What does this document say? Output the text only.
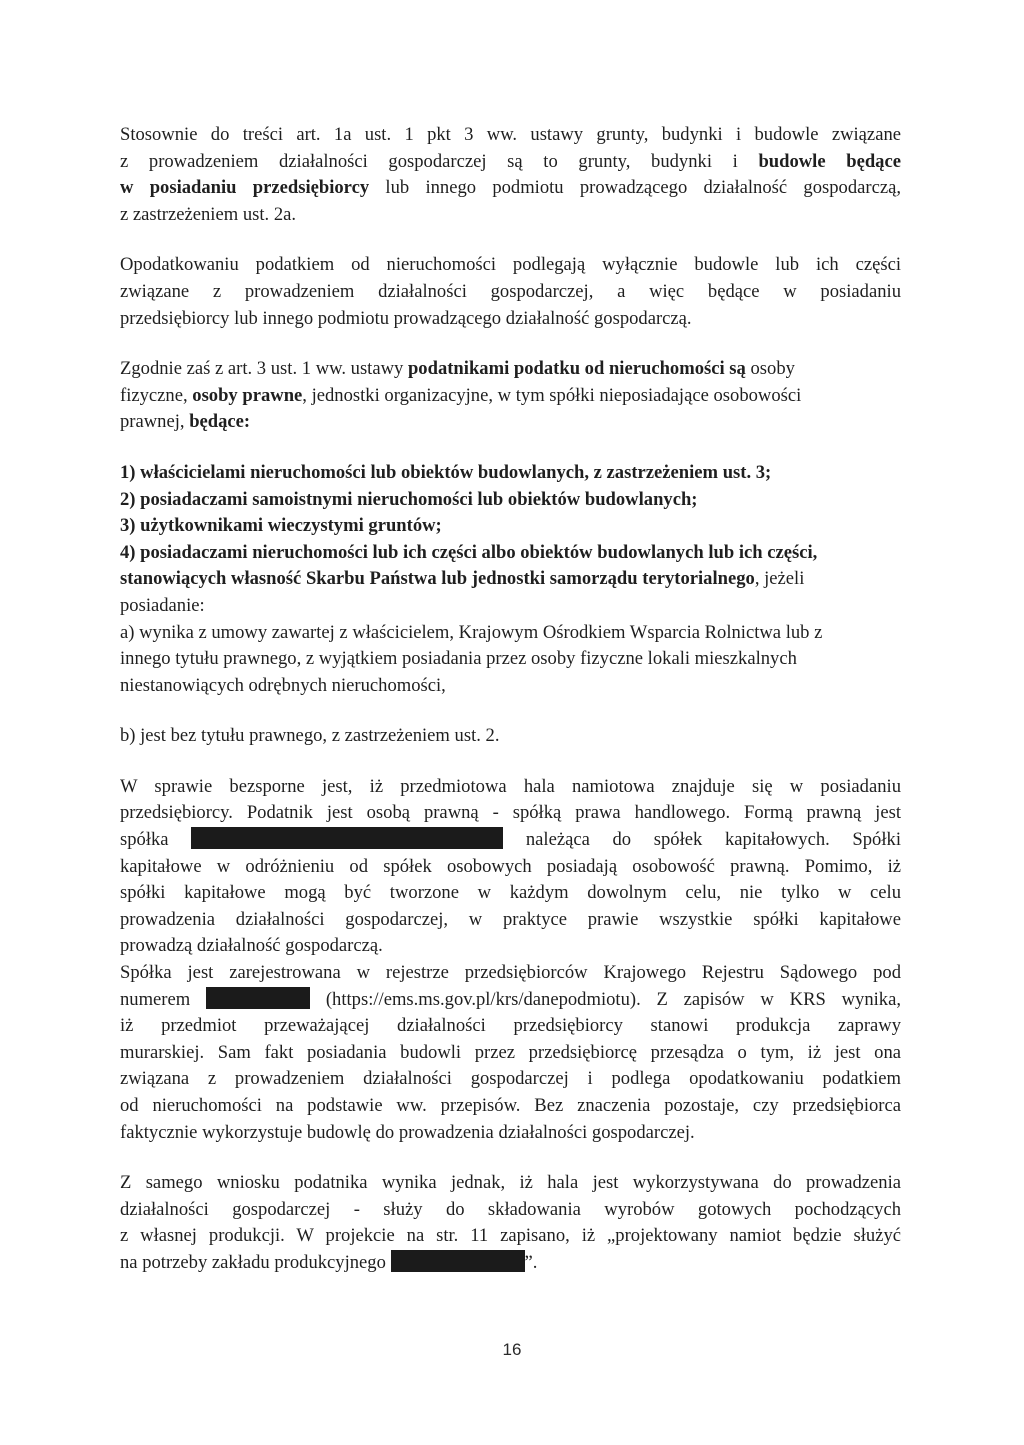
Stosownie do treści art. 1a ust. 1 pkt 3 ww. ustawy grunty, budynki i budowle związane
z prowadzeniem działalności gospodarczej są to grunty, budynki i budowle będące
w posiadaniu przedsiębiorcy lub innego podmiotu prowadzącego działalność gospodarczą,
z zastrzeżeniem ust. 2a.
Opodatkowaniu podatkiem od nieruchomości podlegają wyłącznie budowle lub ich części
związane z prowadzeniem działalności gospodarczej, a więc będące w posiadaniu
przedsiębiorcy lub innego podmiotu prowadzącego działalność gospodarczą.
Zgodnie zaś z art. 3 ust. 1 ww. ustawy podatnikami podatku od nieruchomości są osoby
fizyczne, osoby prawne, jednostki organizacyjne, w tym spółki nieposiadające osobowości
prawnej, będące:
1) właścicielami nieruchomości lub obiektów budowlanych, z zastrzeżeniem ust. 3;
2) posiadaczami samoistnymi nieruchomości lub obiektów budowlanych;
3) użytkownikami wieczystymi gruntów;
4) posiadaczami nieruchomości lub ich części albo obiektów budowlanych lub ich części,
stanowiących własność Skarbu Państwa lub jednostki samorządu terytorialnego, jeżeli
posiadanie:
a) wynika z umowy zawartej z właścicielem, Krajowym Ośrodkiem Wsparcia Rolnictwa lub z
innego tytułu prawnego, z wyjątkiem posiadania przez osoby fizyczne lokali mieszkalnych
niestanowiących odrębnych nieruchomości,
b) jest bez tytułu prawnego, z zastrzeżeniem ust. 2.
W sprawie bezsporne jest, iż przedmiotowa hala namiotowa znajduje się w posiadaniu
przedsiębiorcy. Podatnik jest osobą prawną - spółką prawa handlowego. Formą prawną jest
spółka	należąca do spółek kapitałowych. Spółki
kapitałowe w odróżnieniu od spółek osobowych posiadają osobowość prawną. Pomimo, iż
spółki kapitałowe mogą być tworzone w każdym dowolnym celu, nie tylko w celu
prowadzenia działalności gospodarczej, w praktyce prawie wszystkie spółki kapitałowe
prowadzą działalność gospodarczą.
Spółka jest zarejestrowana w rejestrze przedsiębiorców Krajowego Rejestru Sądowego pod
numerem	(https://ems.ms.gov.pl/krs/danepodmiotu). Z zapisów w KRS wynika,
iż przedmiot przeważającej działalności przedsiębiorcy stanowi produkcja zaprawy
murarskiej. Sam fakt posiadania budowli przez przedsiębiorcę przesądza o tym, iż jest ona
związana z prowadzeniem działalności gospodarczej i podlega opodatkowaniu podatkiem
od nieruchomości na podstawie ww. przepisów. Bez znaczenia pozostaje, czy przedsiębiorca
faktycznie wykorzystuje budowlę do prowadzenia działalności gospodarczej.
Z samego wniosku podatnika wynika jednak, iż hala jest wykorzystywana do prowadzenia
działalności gospodarczej - służy do składowania wyrobów gotowych pochodzących
z własnej produkcji. W projekcie na str. 11 zapisano, iż „projektowany namiot będzie służyć
na potrzeby zakładu produkcyjnego	”.
16
